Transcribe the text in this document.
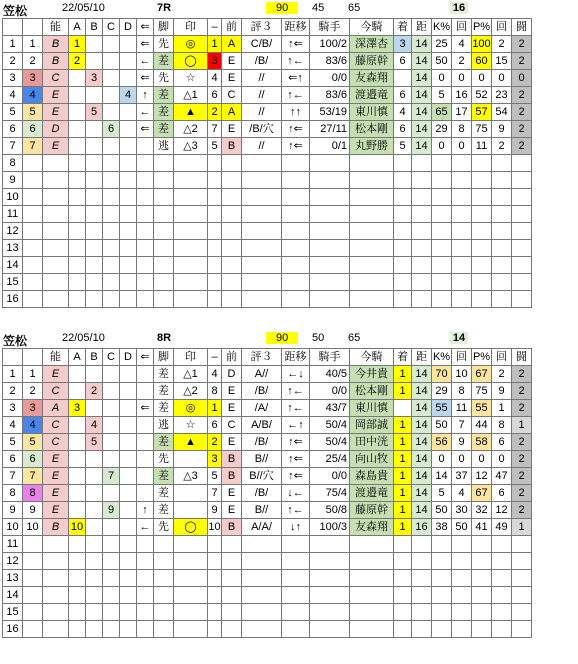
笠松	22/05/10	7R	90	45 65	16
		能	A	B	C	D	⇐	脚	印	–	前	評３	距移	騎手	今騎	着	距	K%	回	P%	回	闘
1	1	B	1				⇐	先	◎	1	A	C/B/	↑⇐	100/2	深澤杏	3	14	25	4	100	2	2
2	2	B	2				←	差	◯	3	E	/B/	↑←	83/6	藤原幹	6	14	50	2	60	15	2
3	3	C		3			⇐	先	☆	4	E	//	⇐↑	0/0	友森翔		14	0	0	0	0	0
4	4	E				4	↑	差	△1	6	C	//	↑←	83/6	渡邉竜	6	14	5	16	52	23	2
5	5	E		5			←	差	▲	2	A	//	↑↑	53/19	東川慎	4	14	65	17	57	54	2
6	6	D			6		⇐	差	△2	7	E	/B/穴	↑⇐	27/11	松本剛	6	14	29	8	75	9	2
7	7	E						逃	△3	5	B	//	↑⇐	0/1	丸野勝	5	14	0	0	11	2	2
8																						
9																						
10																						
11																						
12																						
13																						
14																						
15																						
16																						
笠松	22/05/10	8R	90	50 65	14
		能	A	B	C	D	⇐	脚	印	–	前	評３	距移	騎手	今騎	着	距	K%	回	P%	回	闘
1	1	E						差	△1	4	D	A//	←↓	40/5	今井貴	1	14	70	10	67	2	2
2	2	C		2				差	△2	8	E	/B/	↑←	0/0	松本剛	1	14	29	8	75	9	2
3	3	A	3				⇐	差	◎	1	E	/A/	↑←	43/7	東川慎		14	55	11	55	1	2
4	4	C		4				逃	☆	6	C	A/B/	←↑	50/4	岡部誠	1	14	50	7	44	8	1
5	5	C		5				差	▲	2	E	/B/	↑⇐	50/4	田中洸	1	14	56	9	58	6	2
6	6	E						先		3	B	B//	↑⇐	25/4	向山牧	1	14	0	0	0	0	2
7	7	E			7			差	△3	5	B	B//穴	↑⇐	0/0	森島貴	1	14	14	37	12	47	2
8	8	E						差		7	E	/B/	↓←	75/4	渡邉竜	1	14	5	4	67	6	2
9	9	E			9		↑	差		9	E	B//	↑←	50/8	藤原幹	1	14	50	30	32	12	2
10	10	B	10				←	先	◯	10	B	A/A/	↓↑	100/3	友森翔	1	16	38	50	41	49	1
11																						
12																						
13																						
14																						
15																						
16																						
